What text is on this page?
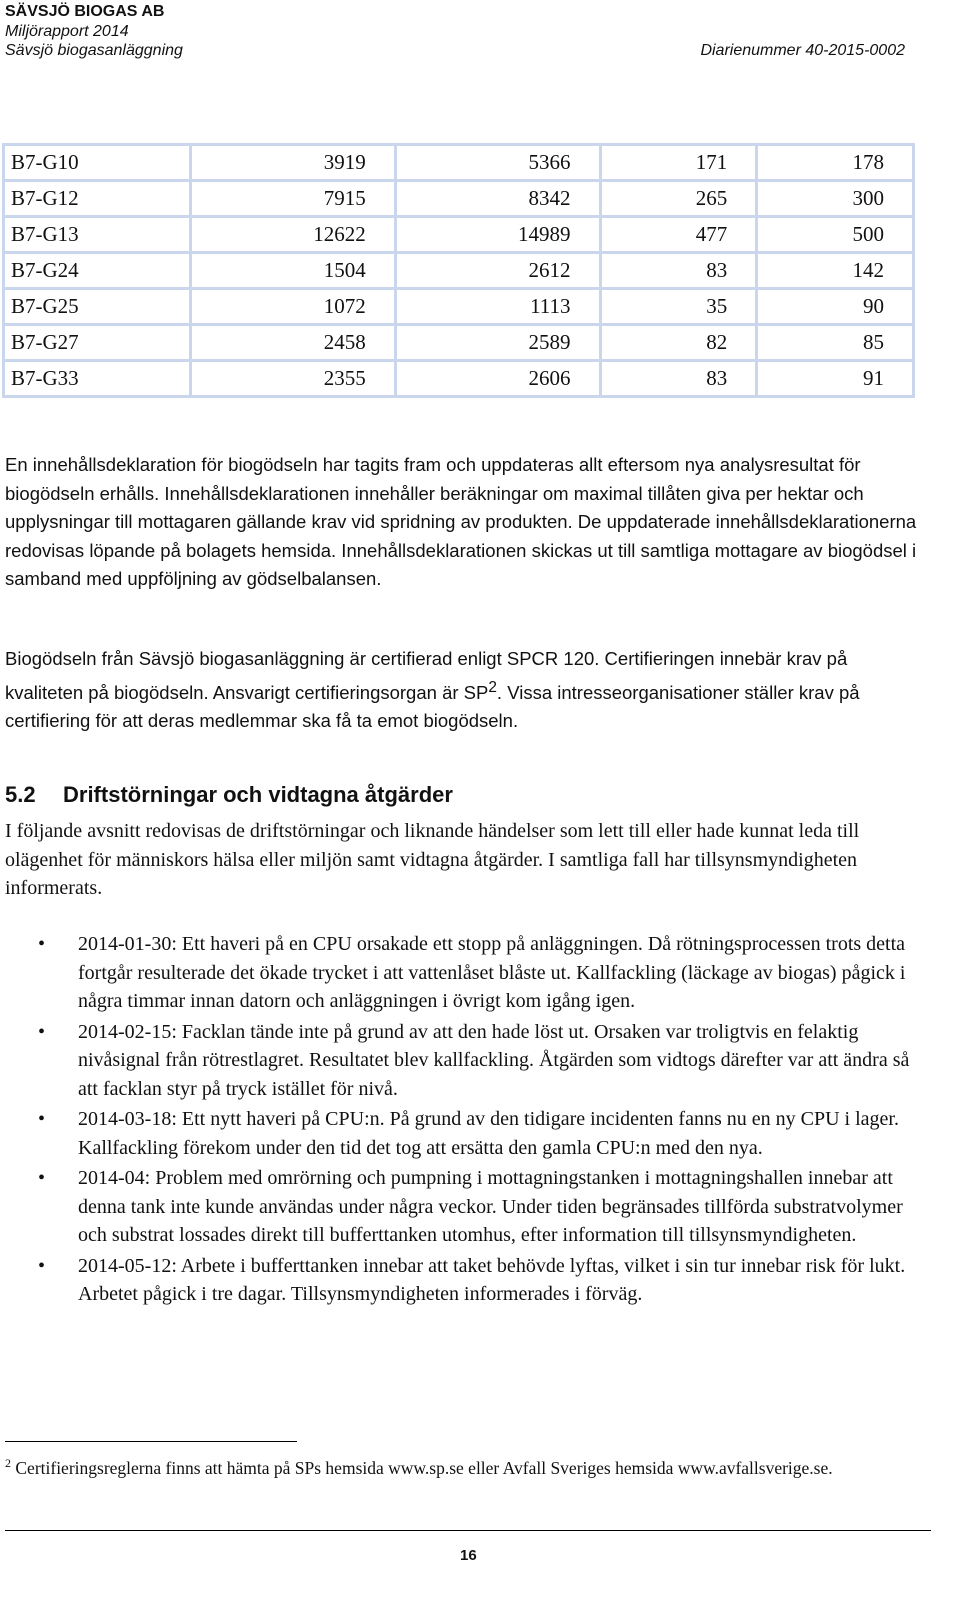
SÄVSJÖ BIOGAS AB
Miljörapport 2014
Sävsjö biogasanläggning	Diarienummer 40-2015-0002
B7-G10	3919	5366	171	178
B7-G12	7915	8342	265	300
B7-G13	12622	14989	477	500
B7-G24	1504	2612	83	142
B7-G25	1072	1113	35	90
B7-G27	2458	2589	82	85
B7-G33	2355	2606	83	91

En innehållsdeklaration för biogödseln har tagits fram och uppdateras allt eftersom nya analysresultat för biogödseln erhålls. Innehållsdeklarationen innehåller beräkningar om maximal tillåten giva per hektar och upplysningar till mottagaren gällande krav vid spridning av produkten. De uppdaterade innehållsdeklarationerna redovisas löpande på bolagets hemsida. Innehållsdeklarationen skickas ut till samtliga mottagare av biogödsel i samband med uppföljning av gödselbalansen.

Biogödseln från Sävsjö biogasanläggning är certifierad enligt SPCR 120. Certifieringen innebär krav på kvaliteten på biogödseln. Ansvarigt certifieringsorgan är $SP^2$. Vissa intresseorganisationer ställer krav på certifiering för att deras medlemmar ska få ta emot biogödseln.

5.2 Driftstörningar och vidtagna åtgärder

I följande avsnitt redovisas de driftstörningar och liknande händelser som lett till eller hade kunnat leda till olägenhet för människors hälsa eller miljön samt vidtagna åtgärder. I samtliga fall har tillsynsmyndigheten informerats.

• 2014-01-30: Ett haveri på en CPU orsakade ett stopp på anläggningen. Då rötningsprocessen trots detta fortgår resulterade det ökade trycket i att vattenlåset blåste ut. Kallfackling (läckage av biogas) pågick i några timmar innan datorn och anläggningen i övrigt kom igång igen.
• 2014-02-15: Facklan tände inte på grund av att den hade löst ut. Orsaken var troligtvis en felaktig nivåsignal från rötrestlagret. Resultatet blev kallfackling. Åtgärden som vidtogs därefter var att ändra så att facklan styr på tryck istället för nivå.
• 2014-03-18: Ett nytt haveri på CPU:n. På grund av den tidigare incidenten fanns nu en ny CPU i lager. Kallfackling förekom under den tid det tog att ersätta den gamla CPU:n med den nya.
• 2014-04: Problem med omrörning och pumpning i mottagningstanken i mottagningshallen innebar att denna tank inte kunde användas under några veckor. Under tiden begränsades tillförda substratvolymer och substrat lossades direkt till bufferttanken utomhus, efter information till tillsynsmyndigheten.
• 2014-05-12: Arbete i bufferttanken innebar att taket behövde lyftas, vilket i sin tur innebar risk för lukt. Arbetet pågick i tre dagar. Tillsynsmyndigheten informerades i förväg.

$^2$ Certifieringsreglerna finns att hämta på SPs hemsida www.sp.se eller Avfall Sveriges hemsida www.avfallsverige.se.

16
